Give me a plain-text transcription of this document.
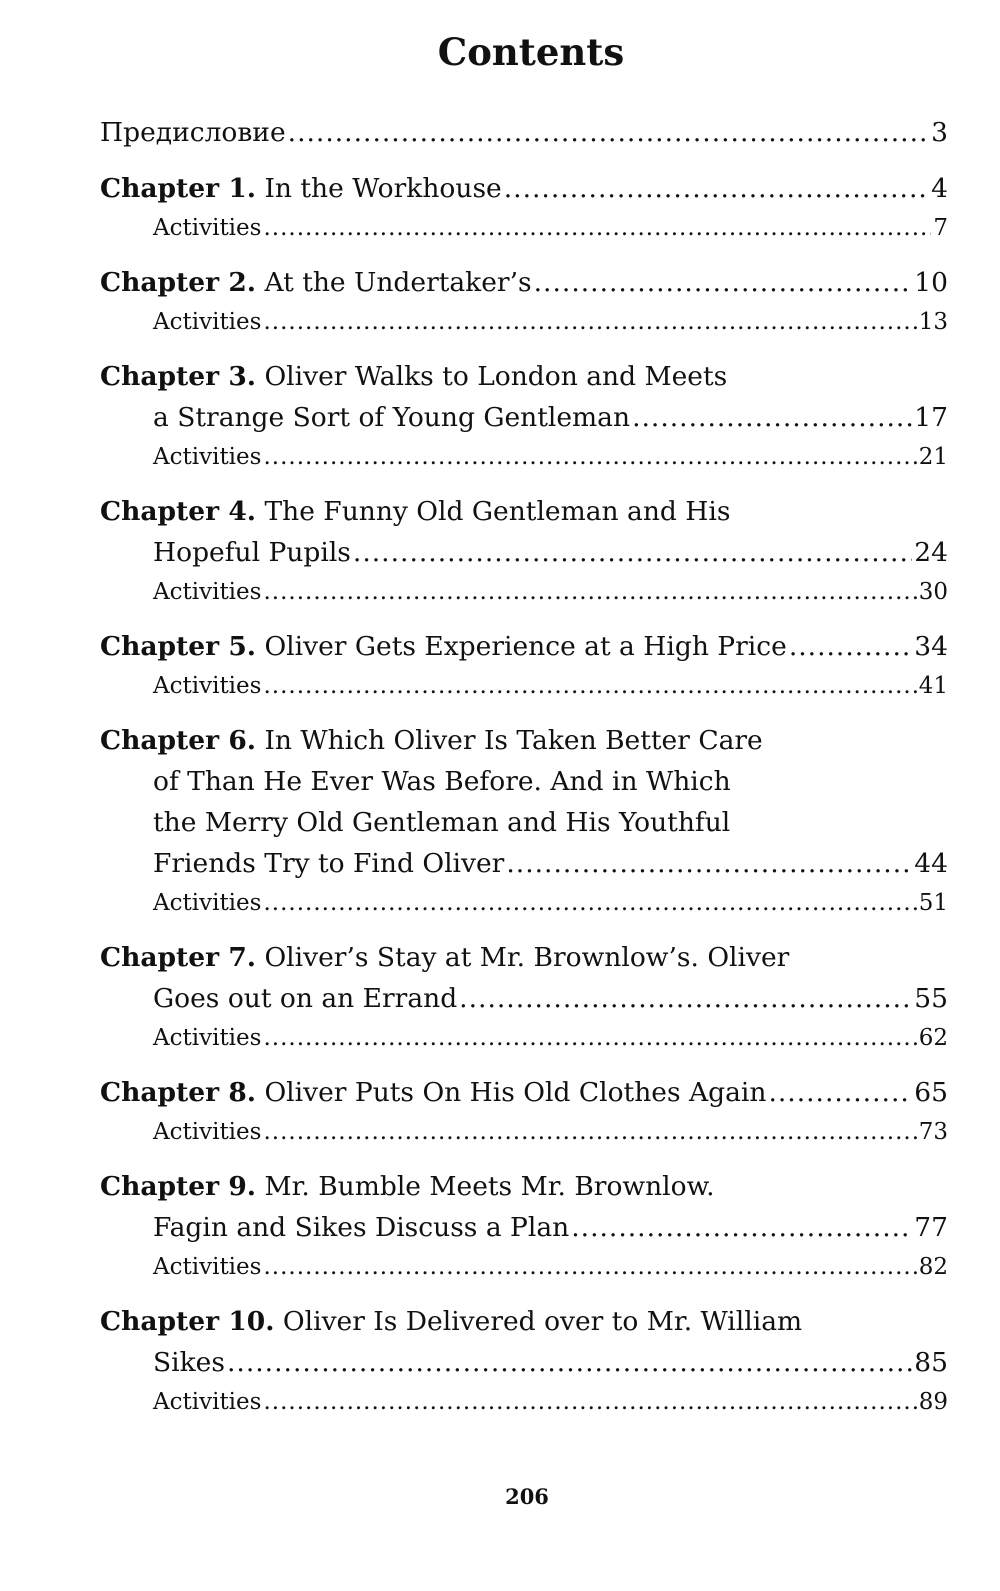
Contents
Предисловие .....	3
Chapter 1.
In the Workhouse .....	4
Activities .....	7
Chapter 2.
At the Undertaker’s .....	10
Activities .....	13
Chapter 3.
Oliver Walks to London and Meets
a Strange Sort of Young Gentleman .....	17
Activities .....	21
Chapter 4.
The Funny Old Gentleman and His
Hopeful Pupils .....	24
Activities .....	30
Chapter 5.
Oliver Gets Experience at a High Price .....	34
Activities .....	41
Chapter 6.
In Which Oliver Is Taken Better Care
of Than He Ever Was Before. And in Which
the Merry Old Gentleman and His Youthful
Friends Try to Find Oliver .....	44
Activities .....	51
Chapter 7.
Oliver’s Stay at Mr. Brownlow’s. Oliver
Goes out on an Errand .....	55
Activities .....	62
Chapter 8.
Oliver Puts On His Old Clothes Again .....	65
Activities .....	73
Chapter 9.
Mr. Bumble Meets Mr. Brownlow.
Fagin and Sikes Discuss a Plan .....	77
Activities .....	82
Chapter 10.
Oliver Is Delivered over to Mr. William
Sikes .....	85
Activities .....	89
206
